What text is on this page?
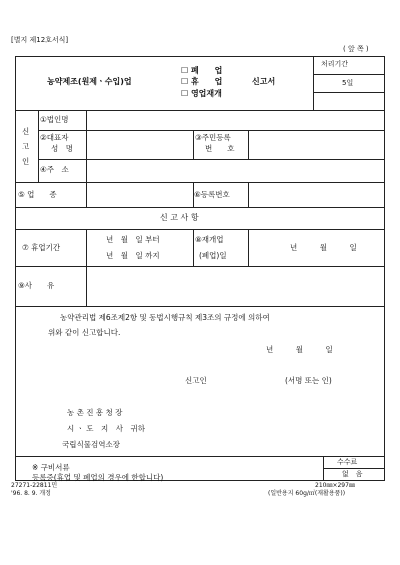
[별지 제12호서식]
( 앞 쪽 )
농약제조(원제ㆍ수입)업
☐ 폐　　업
☐ 휴　　업
☐ 영업재개
신고서
처리기간
5일
신
고
인
①법인명
②대표자
성　명
③주민등록
번　　호
④주　소
⑤ 업　　종	⑥등록번호
신 고 사 항
⑦ 휴업기간
년　월　일 부터
년　월　일 까지
⑧재개업
(폐업)일
년　　　월　　　일
⑨사　　유
농약관리법 제6조제2항 및 동법시행규칙 제3조의 규정에 의하여
위와 같이 신고합니다.
년　　　월　　　일
신고인	(서명 또는 인)
농 촌 진 흥 청 장
시 ㆍ 도　지　사　귀하
국립식물검역소장
※ 구비서류
등록증(휴업 및 폐업의 경우에 한합니다)
수수료
없　음
27271-22811민
'96. 8. 9. 개정
210㎜×297㎜
(일반용지 60g/㎡(재활용품))
